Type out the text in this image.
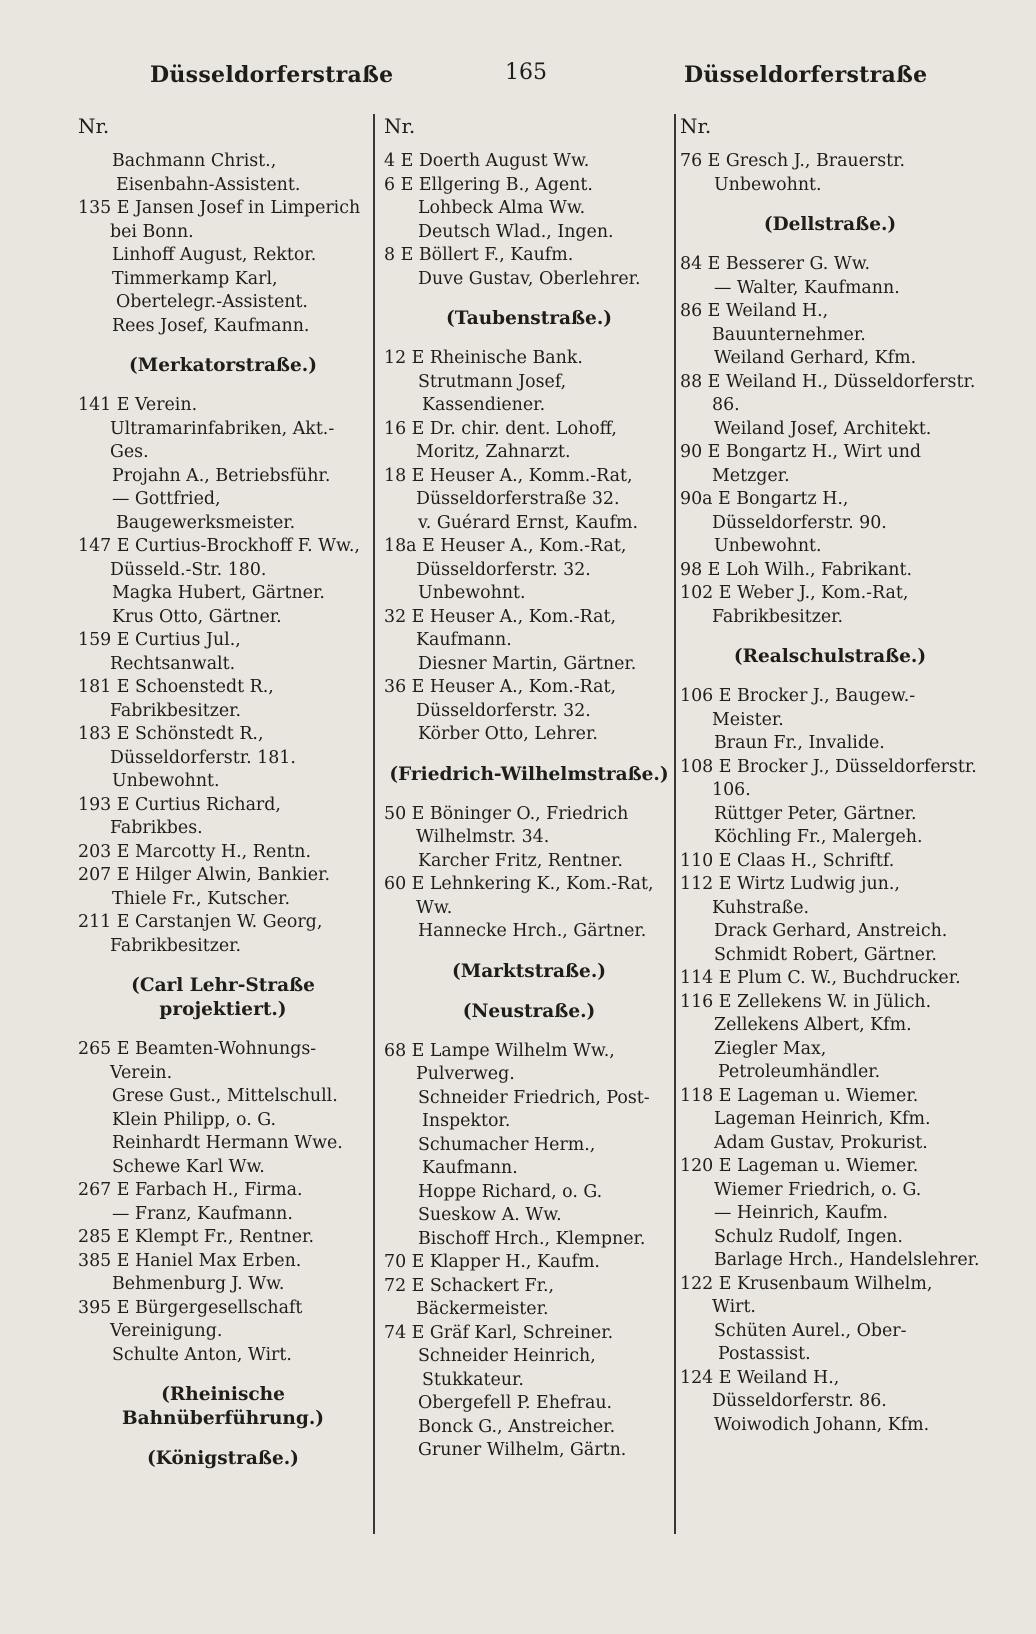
Düsseldorferstraße	165	Düsseldorferstraße
Nr.
Bachmann Christ., Eisenbahn-Assistent.
135 E Jansen Josef in Limperich bei Bonn.
Linhoff August, Rektor.
Timmerkamp Karl, Obertelegr.-Assistent.
Rees Josef, Kaufmann.
(Merkatorstraße.)
141 E Verein. Ultramarinfabriken, Akt.-Ges.
Projahn A., Betriebsführ.
— Gottfried, Baugewerksmeister.
147 E Curtius-Brockhoff F. Ww., Düsseld.-Str. 180.
Magka Hubert, Gärtner.
Krus Otto, Gärtner.
159 E Curtius Jul., Rechtsanwalt.
181 E Schoenstedt R., Fabrikbesitzer.
183 E Schönstedt R., Düsseldorferstr. 181.
Unbewohnt.
193 E Curtius Richard, Fabrikbes.
203 E Marcotty H., Rentn.
207 E Hilger Alwin, Bankier.
Thiele Fr., Kutscher.
211 E Carstanjen W. Georg, Fabrikbesitzer.
(Carl Lehr-Straße projektiert.)
265 E Beamten-Wohnungs-Verein.
Grese Gust., Mittelschull.
Klein Philipp, o. G.
Reinhardt Hermann Wwe.
Schewe Karl Ww.
267 E Farbach H., Firma.
— Franz, Kaufmann.
285 E Klempt Fr., Rentner.
385 E Haniel Max Erben.
Behmenburg J. Ww.
395 E Bürgergesellschaft Vereinigung.
Schulte Anton, Wirt.
(Rheinische Bahnüberführung.)
(Königstraße.)
Nr.
4 E Doerth August Ww.
6 E Ellgering B., Agent.
Lohbeck Alma Ww.
Deutsch Wlad., Ingen.
8 E Böllert F., Kaufm.
Duve Gustav, Oberlehrer.
(Taubenstraße.)
12 E Rheinische Bank.
Strutmann Josef, Kassendiener.
16 E Dr. chir. dent. Lohoff, Moritz, Zahnarzt.
18 E Heuser A., Komm.-Rat, Düsseldorferstraße 32.
v. Guérard Ernst, Kaufm.
18a E Heuser A., Kom.-Rat, Düsseldorferstr. 32.
Unbewohnt.
32 E Heuser A., Kom.-Rat, Kaufmann.
Diesner Martin, Gärtner.
36 E Heuser A., Kom.-Rat, Düsseldorferstr. 32.
Körber Otto, Lehrer.
(Friedrich-Wilhelmstraße.)
50 E Böninger O., Friedrich Wilhelmstr. 34.
Karcher Fritz, Rentner.
60 E Lehnkering K., Kom.-Rat, Ww.
Hannecke Hrch., Gärtner.
(Marktstraße.)
(Neustraße.)
68 E Lampe Wilhelm Ww., Pulverweg.
Schneider Friedrich, Post-Inspektor.
Schumacher Herm., Kaufmann.
Hoppe Richard, o. G.
Sueskow A. Ww.
Bischoff Hrch., Klempner.
70 E Klapper H., Kaufm.
72 E Schackert Fr., Bäckermeister.
74 E Gräf Karl, Schreiner.
Schneider Heinrich, Stukkateur.
Obergefell P. Ehefrau.
Bonck G., Anstreicher.
Gruner Wilhelm, Gärtn.
Nr.
76 E Gresch J., Brauerstr.
Unbewohnt.
(Dellstraße.)
84 E Besserer G. Ww.
— Walter, Kaufmann.
86 E Weiland H., Bauunternehmer.
Weiland Gerhard, Kfm.
88 E Weiland H., Düsseldorferstr. 86.
Weiland Josef, Architekt.
90 E Bongartz H., Wirt und Metzger.
90a E Bongartz H., Düsseldorferstr. 90.
Unbewohnt.
98 E Loh Wilh., Fabrikant.
102 E Weber J., Kom.-Rat, Fabrikbesitzer.
(Realschulstraße.)
106 E Brocker J., Baugew.-Meister.
Braun Fr., Invalide.
108 E Brocker J., Düsseldorferstr. 106.
Rüttger Peter, Gärtner.
Köchling Fr., Malergeh.
110 E Claas H., Schriftf.
112 E Wirtz Ludwig jun., Kuhstraße.
Drack Gerhard, Anstreich.
Schmidt Robert, Gärtner.
114 E Plum C. W., Buchdrucker.
116 E Zellekens W. in Jülich.
Zellekens Albert, Kfm.
Ziegler Max, Petroleumhändler.
118 E Lageman u. Wiemer.
Lageman Heinrich, Kfm.
Adam Gustav, Prokurist.
120 E Lageman u. Wiemer.
Wiemer Friedrich, o. G.
— Heinrich, Kaufm.
Schulz Rudolf, Ingen.
Barlage Hrch., Handelslehrer.
122 E Krusenbaum Wilhelm, Wirt.
Schüten Aurel., Ober-Postassist.
124 E Weiland H., Düsseldorferstr. 86.
Woiwodich Johann, Kfm.
